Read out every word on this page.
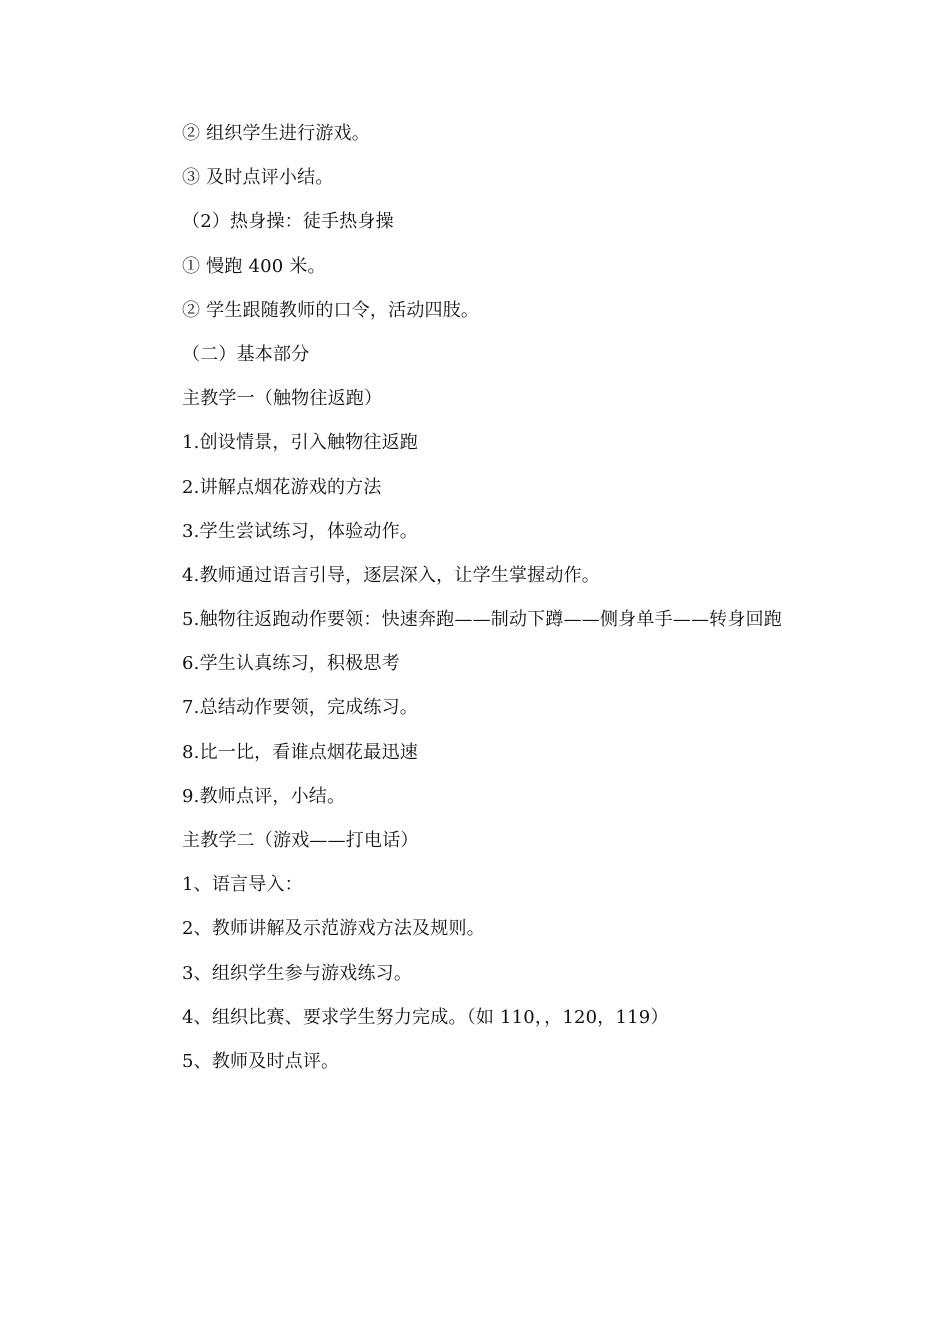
② 组织学生进行游戏。
③ 及时点评小结。
（2）热身操：徒手热身操
① 慢跑 400 米。
② 学生跟随教师的口令，活动四肢。
（二）基本部分
主教学一（触物往返跑）
1.创设情景，引入触物往返跑
2.讲解点烟花游戏的方法
3.学生尝试练习，体验动作。
4.教师通过语言引导，逐层深入，让学生掌握动作。
5.触物往返跑动作要领：快速奔跑——制动下蹲——侧身单手——转身回跑
6.学生认真练习，积极思考
7.总结动作要领，完成练习。
8.比一比，看谁点烟花最迅速
9.教师点评，小结。
主教学二（游戏——打电话）
1、语言导入：
2、教师讲解及示范游戏方法及规则。
3、组织学生参与游戏练习。
4、组织比赛、要求学生努力完成。（如 110，，120，119）
5、教师及时点评。
